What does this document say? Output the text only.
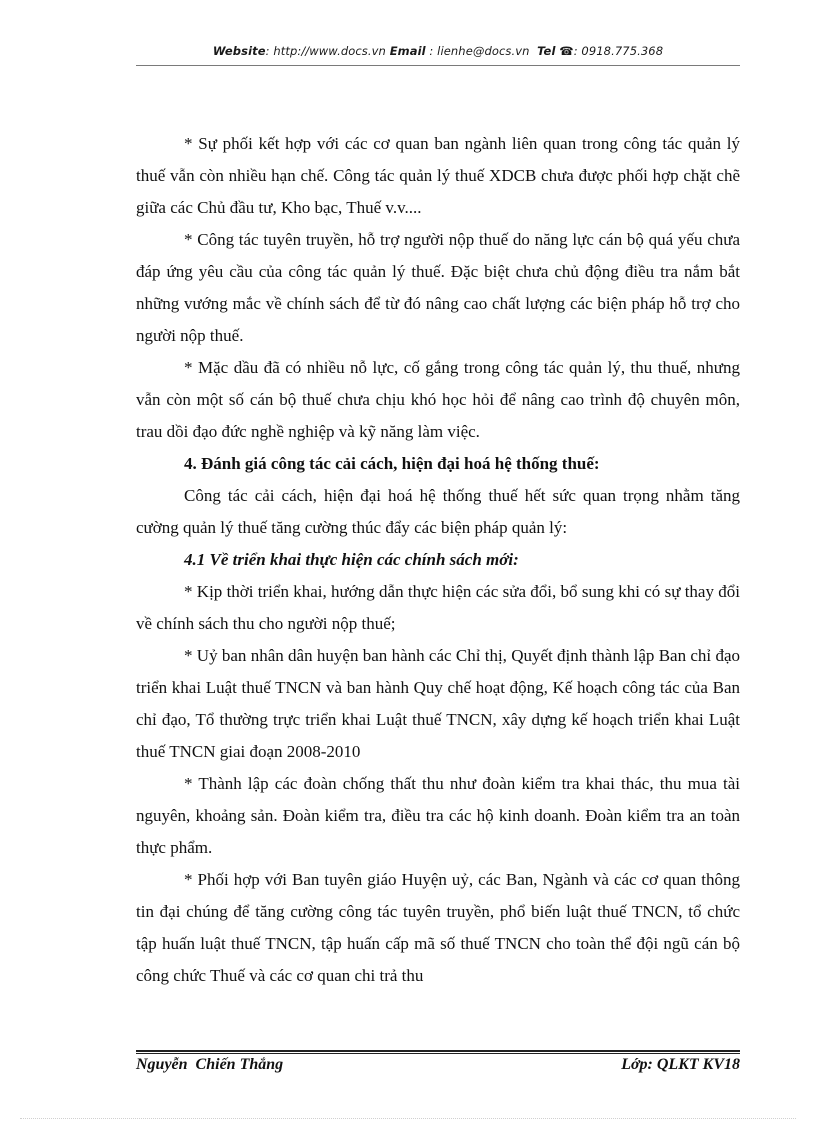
Website: http://www.docs.vn Email : lienhe@docs.vn Tel ☎: 0918.775.368

* Sự phối kết hợp với các cơ quan ban ngành liên quan trong công tác quản lý thuế vẫn còn nhiều hạn chế. Công tác quản lý thuế XDCB chưa được phối hợp chặt chẽ giữa các Chủ đầu tư, Kho bạc, Thuế v.v....

* Công tác tuyên truyền, hỗ trợ người nộp thuế do năng lực cán bộ quá yếu chưa đáp ứng yêu cầu của công tác quản lý thuế. Đặc biệt chưa chủ động điều tra nắm bắt những vướng mắc về chính sách để từ đó nâng cao chất lượng các biện pháp hỗ trợ cho người nộp thuế.

* Mặc dầu đã có nhiều nỗ lực, cố gắng trong công tác quản lý, thu thuế, nhưng vẫn còn một số cán bộ thuế chưa chịu khó học hỏi để nâng cao trình độ chuyên môn, trau dồi đạo đức nghề nghiệp và kỹ năng làm việc.

4. Đánh giá công tác cải cách, hiện đại hoá hệ thống thuế:

Công tác cải cách, hiện đại hoá hệ thống thuế hết sức quan trọng nhằm tăng cường quản lý thuế tăng cường thúc đẩy các biện pháp quản lý:

4.1 Về triển khai thực hiện các chính sách mới:

* Kịp thời triển khai, hướng dẫn thực hiện các sửa đổi, bổ sung khi có sự thay đổi về chính sách thu cho người nộp thuế;

* Uỷ ban nhân dân huyện ban hành các Chỉ thị, Quyết định thành lập Ban chỉ đạo triển khai Luật thuế TNCN và ban hành Quy chế hoạt động, Kế hoạch công tác của Ban chỉ đạo, Tổ thường trực triển khai Luật thuế TNCN, xây dựng kế hoạch triển khai Luật thuế TNCN giai đoạn 2008-2010

* Thành lập các đoàn chống thất thu như đoàn kiểm tra khai thác, thu mua tài nguyên, khoảng sản. Đoàn kiểm tra, điều tra các hộ kinh doanh. Đoàn kiểm tra an toàn thực phẩm.

* Phối hợp với Ban tuyên giáo Huyện uỷ, các Ban, Ngành và các cơ quan thông tin đại chúng để tăng cường công tác tuyên truyền, phổ biến luật thuế TNCN, tổ chức tập huấn luật thuế TNCN, tập huấn cấp mã số thuế TNCN cho toàn thể đội ngũ cán bộ công chức Thuế và các cơ quan chi trả thu

Nguyễn  Chiến Thắng	Lớp: QLKT KV18
